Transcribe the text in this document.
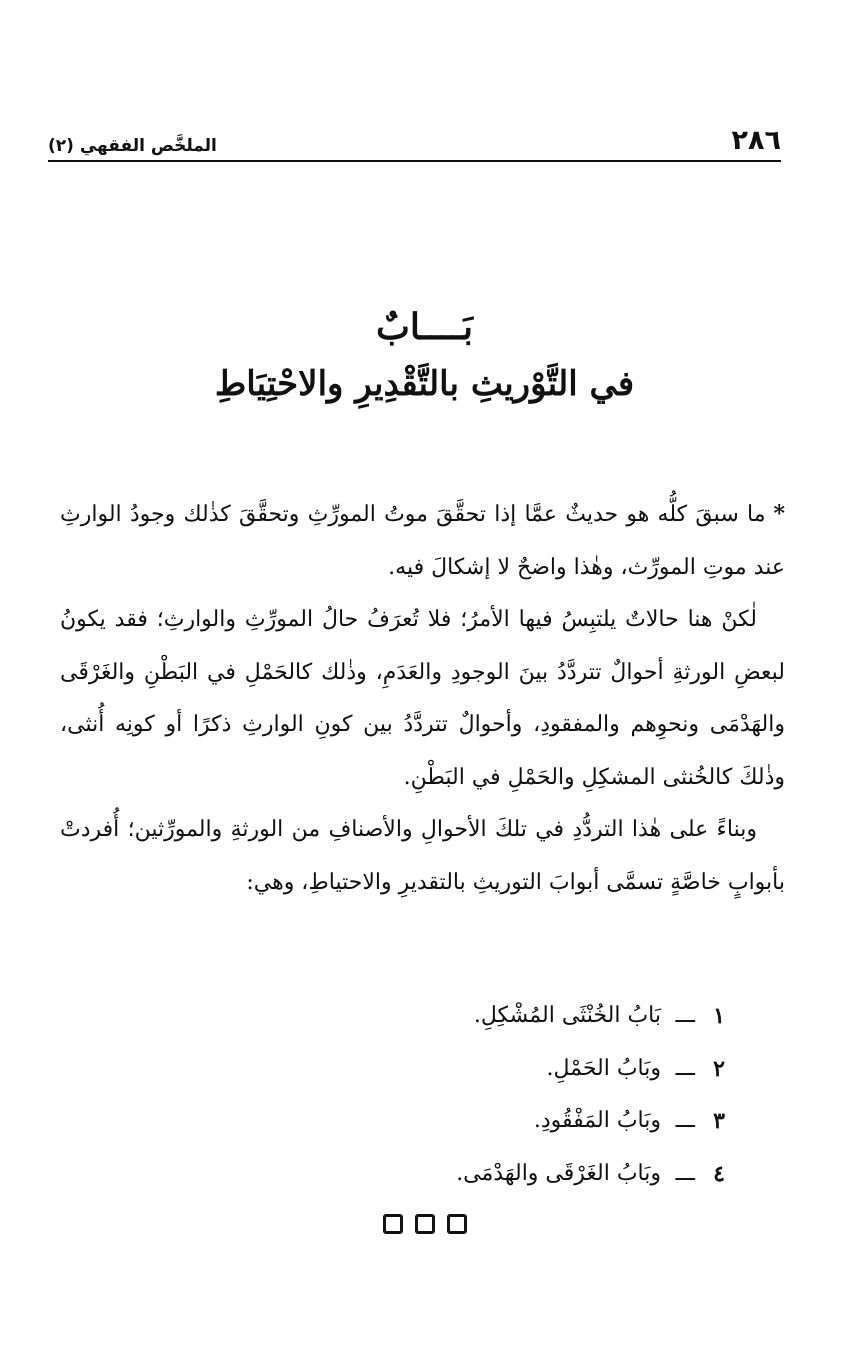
٢٨٦
الملخَّص الفقهي (٢)
بَــــابٌ
في التَّوْريثِ بالتَّقْدِيرِ والاحْتِيَاطِ

*ما سبقَ كلُّه هو حديثٌ عمَّا إذا تحقَّقَ موتُ المورِّثِ وتحقَّقَ كذٰلك وجودُ الوارثِ عند موتِ المورِّث، وهٰذا واضحٌ لا إشكالَ فيه.

لٰكنْ هنا حالاتٌ يلتبِسُ فيها الأمرُ؛ فلا تُعرَفُ حالُ المورِّثِ والوارثِ؛ فقد يكونُ لبعضِ الورثةِ أحوالٌ تتردَّدُ بينَ الوجودِ والعَدَمِ، وذٰلك كالحَمْلِ في البَطْنِ والغَرْقَى والهَدْمَى ونحوِهم والمفقودِ، وأحوالٌ تتردَّدُ بين كونِ الوارثِ ذكرًا أو كونِه أُنثى، وذٰلكَ كالخُنثى المشكِلِ والحَمْلِ في البَطْنِ.

وبناءً على هٰذا التردُّدِ في تلكَ الأحوالِ والأصنافِ من الورثةِ والمورِّثين؛ أُفردتْ بأبوابٍ خاصَّةٍ تسمَّى أبوابَ التوريثِ بالتقديرِ والاحتياطِ، وهي:

١
ـــ
بَابُ الخُنْثَى المُشْكِلِ.
٢
ـــ
وبَابُ الحَمْلِ.
٣
ـــ
وبَابُ المَفْقُودِ.
٤
ـــ
وبَابُ الغَرْقَى والهَدْمَى.
